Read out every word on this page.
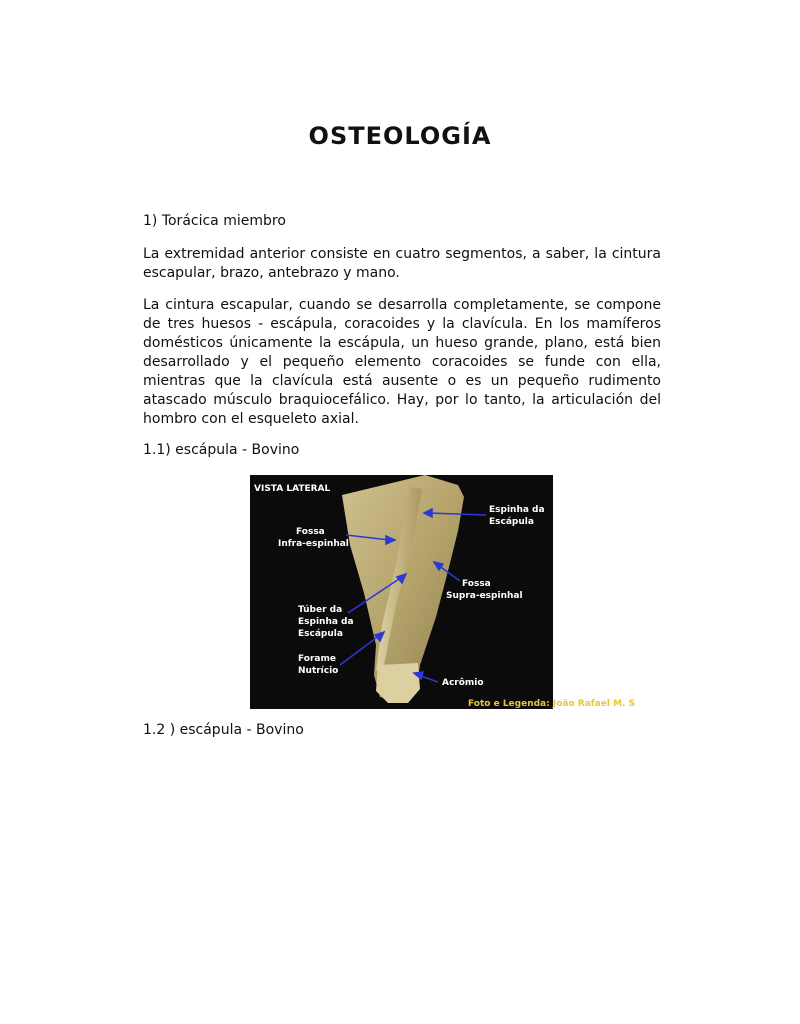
OSTEOLOGÍA
1) Torácica miembro
La extremidad anterior consiste en cuatro segmentos, a saber, la cintura escapular, brazo, antebrazo y mano.
La cintura escapular, cuando se desarrolla completamente, se compone de tres huesos - escápula, coracoides y la clavícula. En los mamíferos domésticos únicamente la escápula, un hueso grande, plano, está bien desarrollado y el pequeño elemento coracoides se funde con ella, mientras que la clavícula está ausente o es un pequeño rudimento atascado músculo braquiocefálico. Hay, por lo tanto, la articulación del hombro con el esqueleto axial.
1.1) escápula - Bovino
VISTA LATERAL
Espinha da
Escápula
Fossa
Infra-espinhal
Fossa
Supra-espinhal
Túber da
Espinha da
Escápula
Forame
Nutrício
Acrômio
Foto e Legenda: João Rafael M. S
1.2 ) escápula - Bovino
